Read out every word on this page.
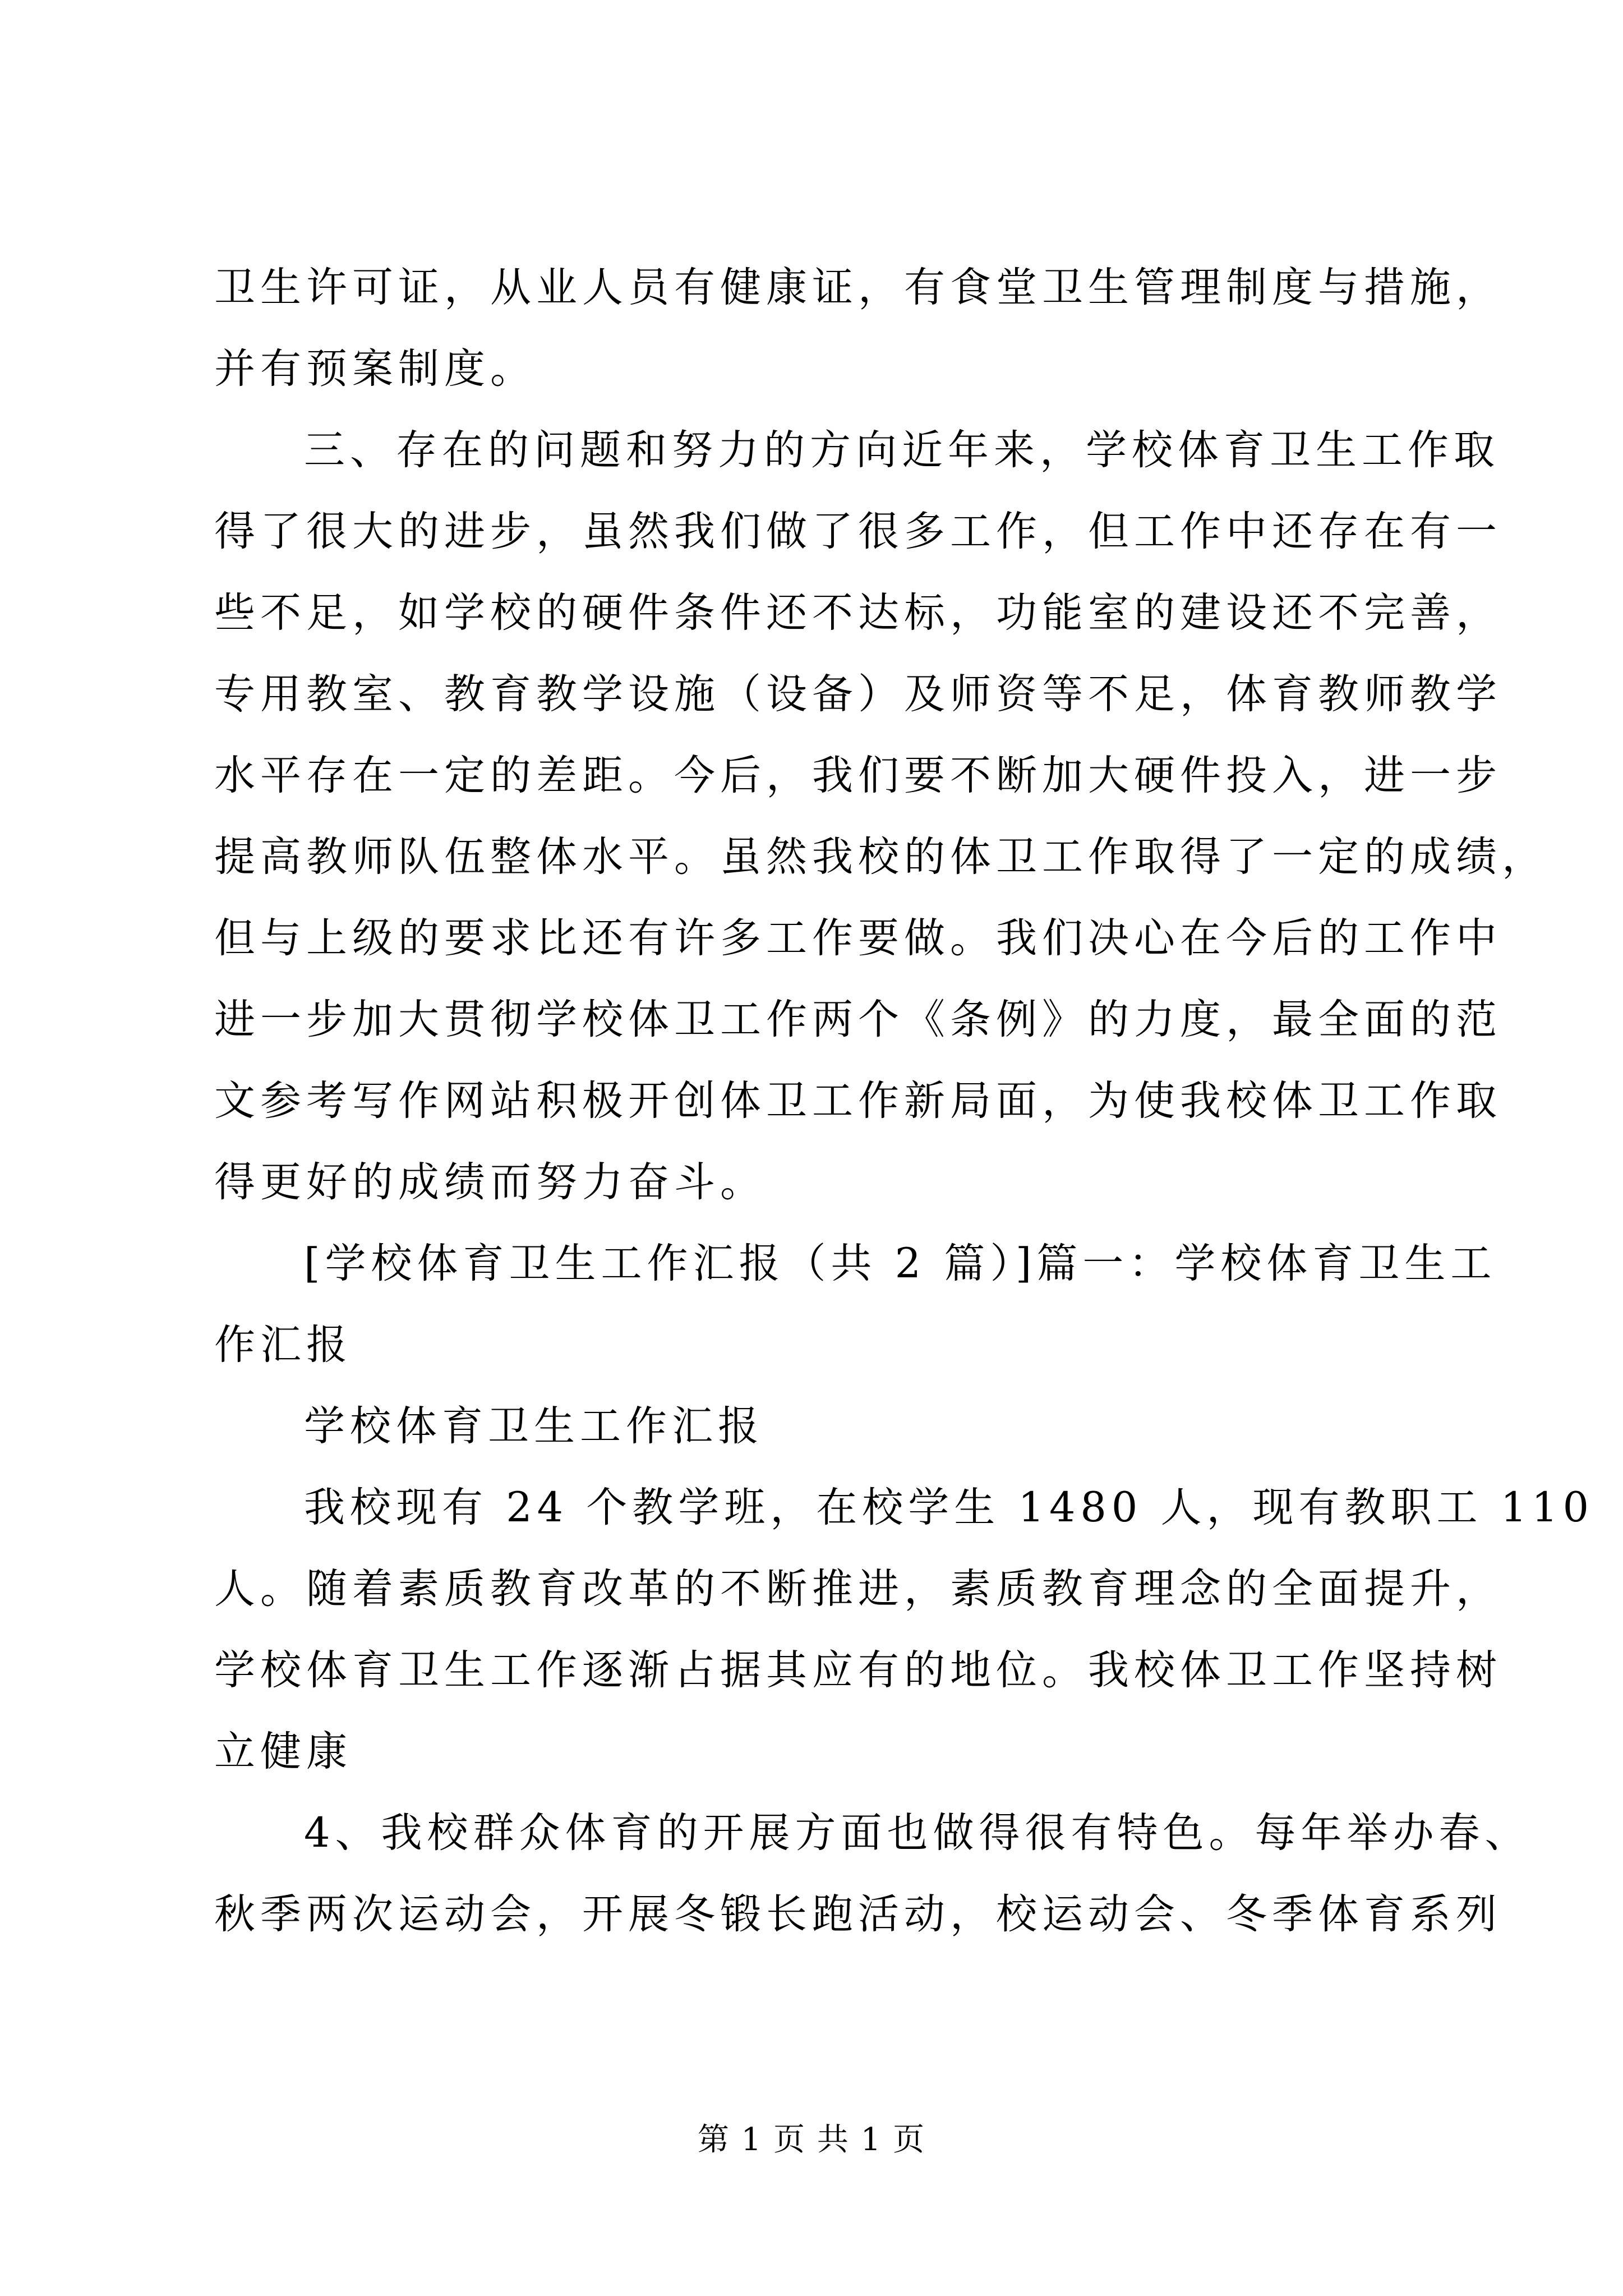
卫生许可证，从业人员有健康证，有食堂卫生管理制度与措施，
并有预案制度。
三、存在的问题和努力的方向近年来，学校体育卫生工作取
得了很大的进步，虽然我们做了很多工作，但工作中还存在有一
些不足，如学校的硬件条件还不达标，功能室的建设还不完善，
专用教室、教育教学设施（设备）及师资等不足，体育教师教学
水平存在一定的差距。今后，我们要不断加大硬件投入，进一步
提高教师队伍整体水平。虽然我校的体卫工作取得了一定的成绩，
但与上级的要求比还有许多工作要做。我们决心在今后的工作中
进一步加大贯彻学校体卫工作两个《条例》的力度，最全面的范
文参考写作网站积极开创体卫工作新局面，为使我校体卫工作取
得更好的成绩而努力奋斗。
[学校体育卫生工作汇报（共 2 篇）]篇一：学校体育卫生工
作汇报
学校体育卫生工作汇报
我校现有 24 个教学班，在校学生 1480 人，现有教职工 110
人。随着素质教育改革的不断推进，素质教育理念的全面提升，
学校体育卫生工作逐渐占据其应有的地位。我校体卫工作坚持树
立健康
4、我校群众体育的开展方面也做得很有特色。每年举办春、
秋季两次运动会，开展冬锻长跑活动，校运动会、冬季体育系列
第 1 页 共 1 页
